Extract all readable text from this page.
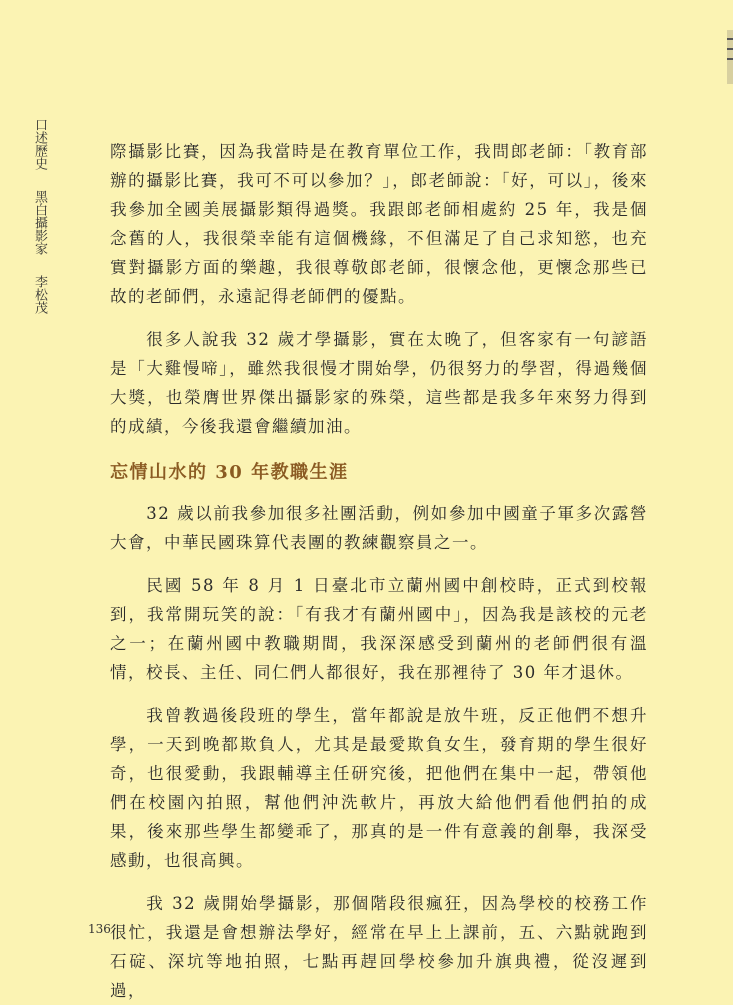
口述歷史
黑白攝影家
李松茂

際攝影比賽，因為我當時是在教育單位工作，我問郎老師：「教育部辦的攝影比賽，我可不可以參加？」，郎老師說：「好，可以」，後來我參加全國美展攝影類得過獎。我跟郎老師相處約 25 年，我是個念舊的人，我很榮幸能有這個機緣，不但滿足了自己求知慾，也充實對攝影方面的樂趣，我很尊敬郎老師，很懷念他，更懷念那些已故的老師們，永遠記得老師們的優點。

很多人說我 32 歲才學攝影，實在太晚了，但客家有一句諺語是「大雞慢啼」，雖然我很慢才開始學，仍很努力的學習，得過幾個大獎，也榮膺世界傑出攝影家的殊榮，這些都是我多年來努力得到的成績，今後我還會繼續加油。

忘情山水的 30 年教職生涯

32 歲以前我參加很多社團活動，例如參加中國童子軍多次露營大會，中華民國珠算代表團的教練觀察員之一。

民國 58 年 8 月 1 日臺北市立蘭州國中創校時，正式到校報到，我常開玩笑的說：「有我才有蘭州國中」，因為我是該校的元老之一；在蘭州國中教職期間，我深深感受到蘭州的老師們很有溫情，校長、主任、同仁們人都很好，我在那裡待了 30 年才退休。

我曾教過後段班的學生，當年都說是放牛班，反正他們不想升學，一天到晚都欺負人，尤其是最愛欺負女生，發育期的學生很好奇，也很愛動，我跟輔導主任研究後，把他們在集中一起，帶領他們在校園內拍照，幫他們沖洗軟片，再放大給他們看他們拍的成果，後來那些學生都變乖了，那真的是一件有意義的創舉，我深受感動，也很高興。

我 32 歲開始學攝影，那個階段很瘋狂，因為學校的校務工作很忙，我還是會想辦法學好，經常在早上上課前，五、六點就跑到石碇、深坑等地拍照，七點再趕回學校參加升旗典禮，從沒遲到過，

136
